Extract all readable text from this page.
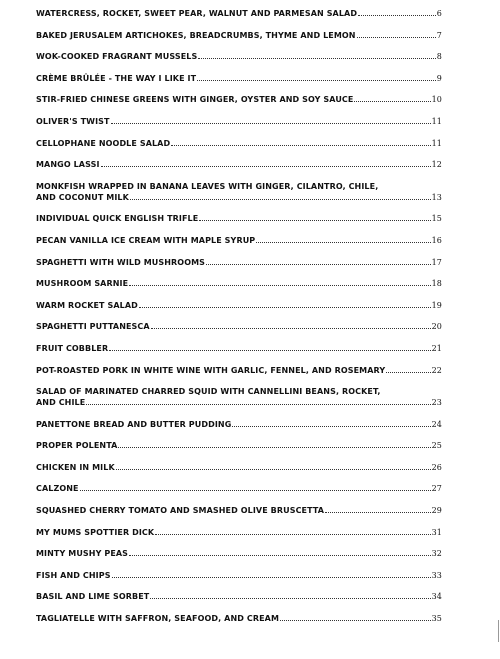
WATERCRESS, ROCKET, SWEET PEAR, WALNUT AND PARMESAN SALAD	6
BAKED JERUSALEM ARTICHOKES, BREADCRUMBS, THYME AND LEMON	7
WOK-COOKED FRAGRANT MUSSELS	8
CRÈME BRÛLÉE - THE WAY I LIKE IT	9
STIR-FRIED CHINESE GREENS WITH GINGER, OYSTER AND SOY SAUCE	10
OLIVER'S TWIST	11
CELLOPHANE NOODLE SALAD	11
MANGO LASSI	12
MONKFISH WRAPPED IN BANANA LEAVES WITH GINGER, CILANTRO, CHILE,
AND COCONUT MILK	13
INDIVIDUAL QUICK ENGLISH TRIFLE	15
PECAN VANILLA ICE CREAM WITH MAPLE SYRUP	16
SPAGHETTI WITH WILD MUSHROOMS	17
MUSHROOM SARNIE	18
WARM ROCKET SALAD	19
SPAGHETTI PUTTANESCA	20
FRUIT COBBLER	21
POT-ROASTED PORK IN WHITE WINE WITH GARLIC, FENNEL, AND ROSEMARY	22
SALAD OF MARINATED CHARRED SQUID WITH CANNELLINI BEANS, ROCKET,
AND CHILE	23
PANETTONE BREAD AND BUTTER PUDDING	24
PROPER POLENTA	25
CHICKEN IN MILK	26
CALZONE	27
SQUASHED CHERRY TOMATO AND SMASHED OLIVE BRUSCETTA	29
MY MUMS SPOTTIER DICK	31
MINTY MUSHY PEAS	32
FISH AND CHIPS	33
BASIL AND LIME SORBET	34
TAGLIATELLE WITH SAFFRON, SEAFOOD, AND CREAM	35
